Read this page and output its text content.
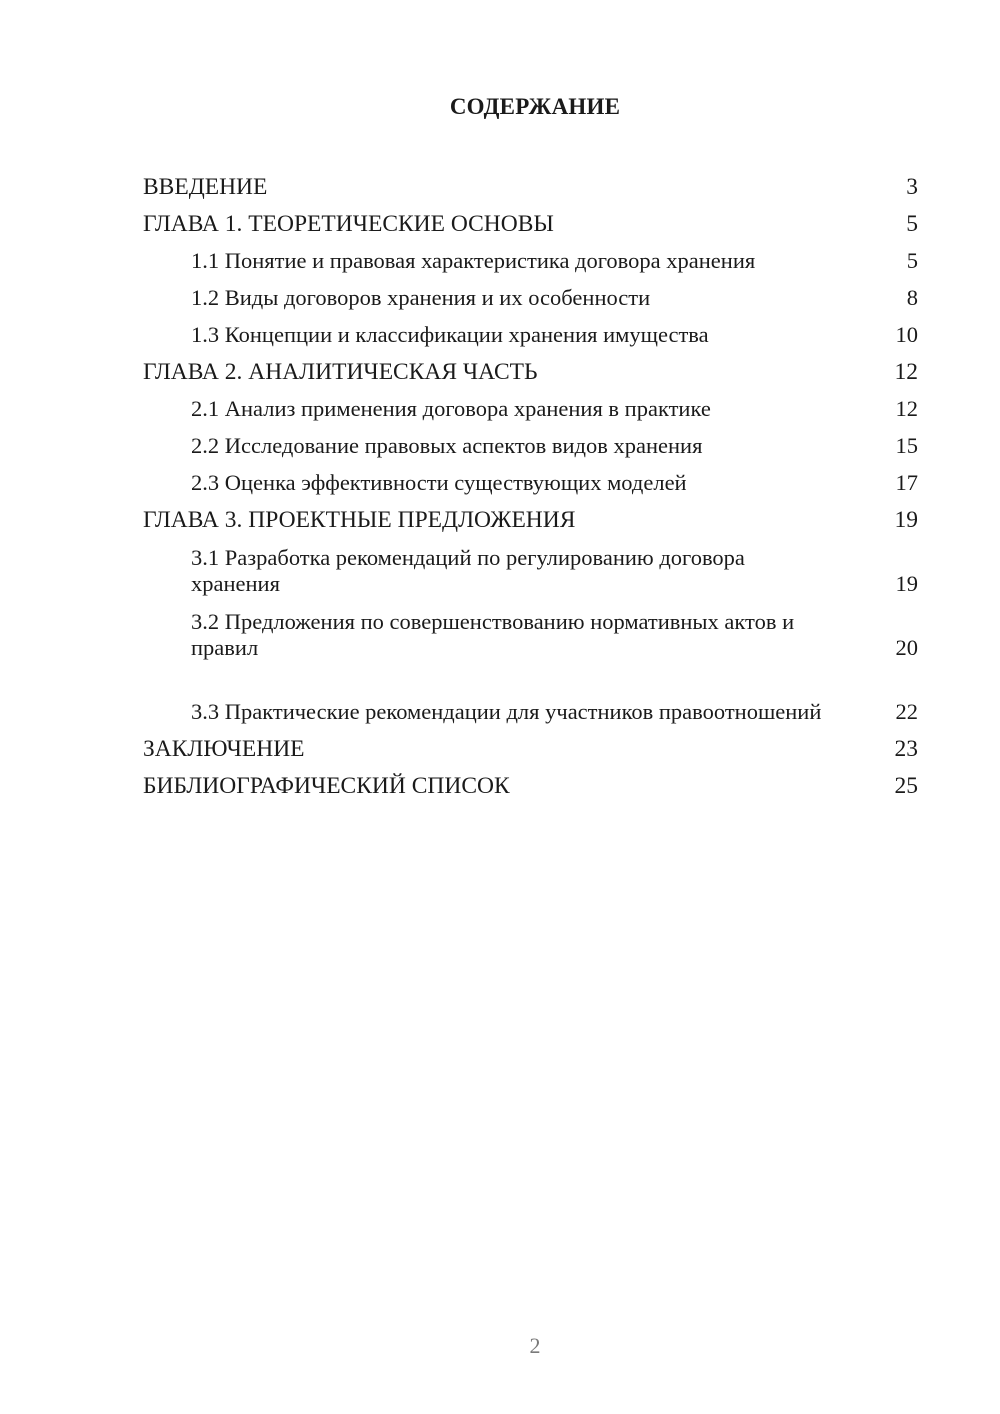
СОДЕРЖАНИЕ
ВВЕДЕНИЕ	3
ГЛАВА 1. ТЕОРЕТИЧЕСКИЕ ОСНОВЫ	5
1.1 Понятие и правовая характеристика договора хранения	5
1.2 Виды договоров хранения и их особенности	8
1.3 Концепции и классификации хранения имущества	10
ГЛАВА 2. АНАЛИТИЧЕСКАЯ ЧАСТЬ	12
2.1 Анализ применения договора хранения в практике	12
2.2 Исследование правовых аспектов видов хранения	15
2.3 Оценка эффективности существующих моделей	17
ГЛАВА 3. ПРОЕКТНЫЕ ПРЕДЛОЖЕНИЯ	19
3.1 Разработка рекомендаций по регулированию договора хранения	19
3.2 Предложения по совершенствованию нормативных актов и правил	20
3.3 Практические рекомендации для участников правоотношений	22
ЗАКЛЮЧЕНИЕ	23
БИБЛИОГРАФИЧЕСКИЙ СПИСОК	25
2
